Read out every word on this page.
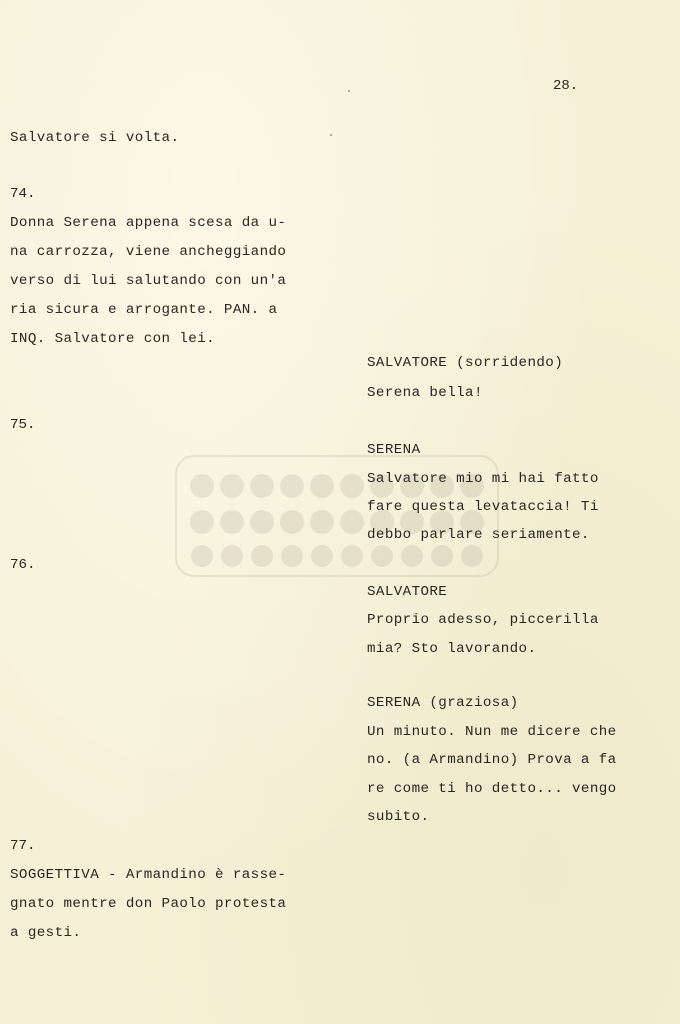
28.
Salvatore si volta.
74.
Donna Serena appena scesa da u-
na carrozza, viene ancheggiando
verso di lui salutando con un'a
ria sicura e arrogante. PAN. a
INQ. Salvatore con lei.
75.
76.
77.
SOGGETTIVA - Armandino è rasse-
gnato mentre don Paolo protesta
a gesti.
SALVATORE (sorridendo)
Serena bella!
SERENA
Salvatore mio mi hai fatto
fare questa levataccia! Ti
debbo parlare seriamente.
SALVATORE
Proprio adesso, piccerilla
mia? Sto lavorando.
SERENA (graziosa)
Un minuto. Nun me dicere che
no. (a Armandino) Prova a fa
re come ti ho detto... vengo
subito.
